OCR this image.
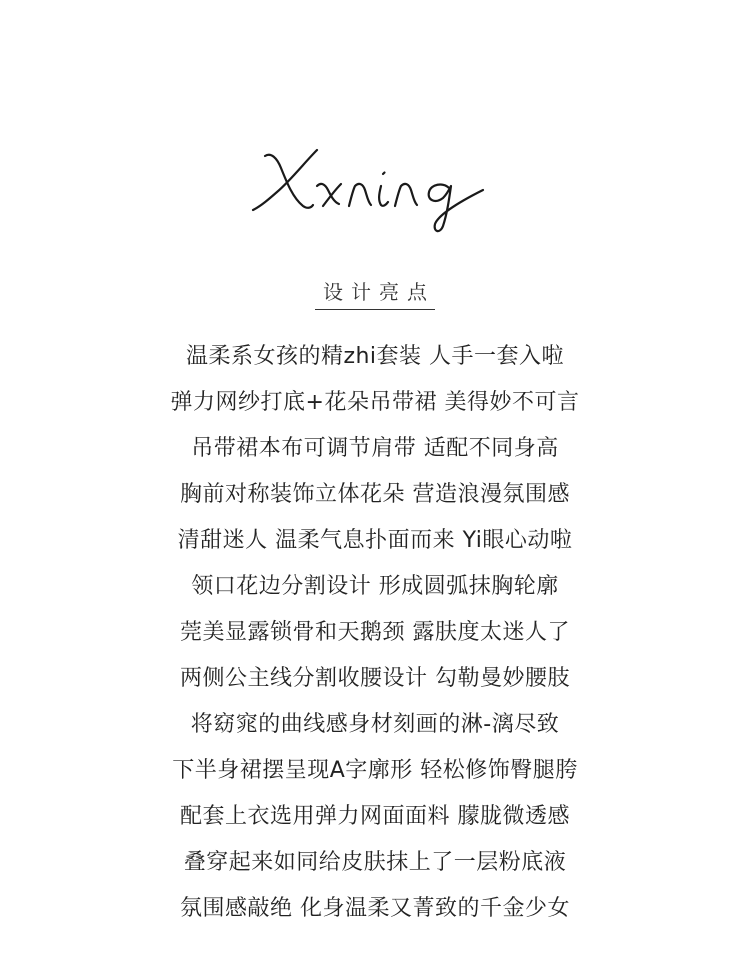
设计亮点
温柔系女孩的精zhi套装 人手一套入啦
弹力网纱打底+花朵吊带裙 美得妙不可言
吊带裙本布可调节肩带 适配不同身高
胸前对称装饰立体花朵 营造浪漫氛围感
清甜迷人 温柔气息扑面而来 Yi眼心动啦
领口花边分割设计 形成圆弧抹胸轮廓
莞美显露锁骨和天鹅颈 露肤度太迷人了
两侧公主线分割收腰设计 勾勒曼妙腰肢
将窈窕的曲线感身材刻画的淋-漓尽致
下半身裙摆呈现A字廓形 轻松修饰臀腿胯
配套上衣选用弹力网面面料 朦胧微透感
叠穿起来如同给皮肤抹上了一层粉底液
氛围感敲绝 化身温柔又菁致的千金少女
